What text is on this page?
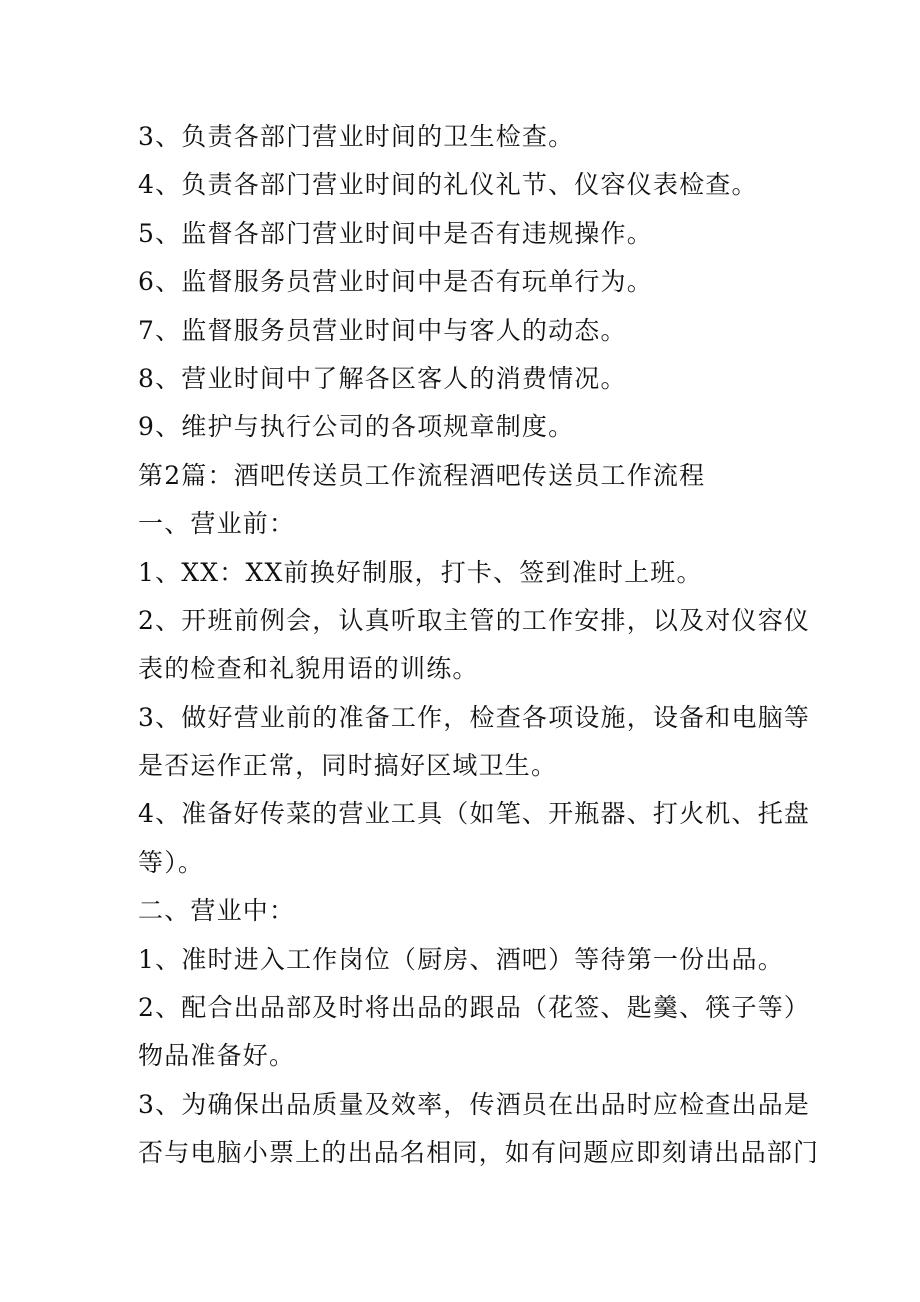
3、负责各部门营业时间的卫生检查。
4、负责各部门营业时间的礼仪礼节、仪容仪表检查。
5、监督各部门营业时间中是否有违规操作。
6、监督服务员营业时间中是否有玩单行为。
7、监督服务员营业时间中与客人的动态。
8、营业时间中了解各区客人的消费情况。
9、维护与执行公司的各项规章制度。
第2篇：酒吧传送员工作流程酒吧传送员工作流程
一、营业前：
1、XX：XX前换好制服，打卡、签到准时上班。
2、开班前例会，认真听取主管的工作安排，以及对仪容仪
表的检查和礼貌用语的训练。
3、做好营业前的准备工作，检查各项设施，设备和电脑等
是否运作正常，同时搞好区域卫生。
4、准备好传菜的营业工具（如笔、开瓶器、打火机、托盘
等）。
二、营业中：
1、准时进入工作岗位（厨房、酒吧）等待第一份出品。
2、配合出品部及时将出品的跟品（花签、匙羹、筷子等）
物品准备好。
3、为确保出品质量及效率，传酒员在出品时应检查出品是
否与电脑小票上的出品名相同，如有问题应即刻请出品部门
